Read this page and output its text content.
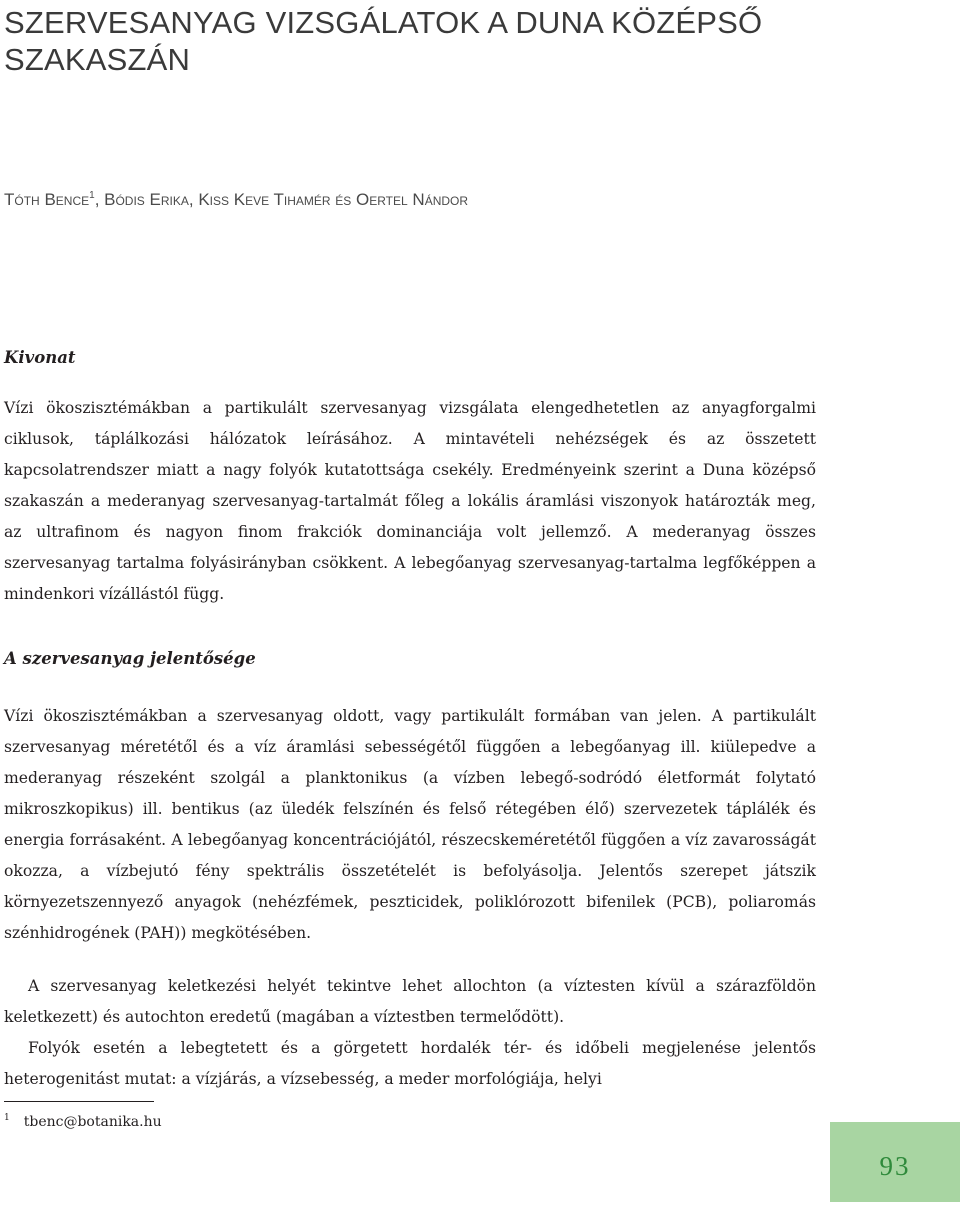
SZERVESANYAG VIZSGÁLATOK A DUNA KÖZÉPSŐ SZAKASZÁN

Tóth Bence$^1$, Bódis Erika, Kiss Keve Tihamér és Oertel Nándor

Kivonat

Vízi ökoszisztémákban a partikulált szervesanyag vizsgálata elengedhetetlen az anyagforgalmi ciklusok, táplálkozási hálózatok leírásához. A mintavételi nehézségek és az összetett kapcsolatrendszer miatt a nagy folyók kutatottsága csekély. Eredményeink szerint a Duna középső szakaszán a mederanyag szervesanyag-tartalmát főleg a lokális áramlási viszonyok határozták meg, az ultrafinom és nagyon finom frakciók dominanciája volt jellemző. A mederanyag összes szervesanyag tartalma folyásirányban csökkent. A lebegőanyag szervesanyag-tartalma legfőképpen a mindenkori vízállástól függ.

A szervesanyag jelentősége

Vízi ökoszisztémákban a szervesanyag oldott, vagy partikulált formában van jelen. A partikulált szervesanyag méretétől és a víz áramlási sebességétől függően a lebegőanyag ill. kiülepedve a mederanyag részeként szolgál a planktonikus (a vízben lebegő-sodródó életformát folytató mikroszkopikus) ill. bentikus (az üledék felszínén és felső rétegében élő) szervezetek táplálék és energia forrásaként. A lebegőanyag koncentrációjától, részecskeméretétől függően a víz zavarosságát okozza, a vízbejutó fény spektrális összetételét is befolyásolja. Jelentős szerepet játszik környezetszennyező anyagok (nehézfémek, peszticidek, poliklórozott bifenilek (PCB), poliaromás szénhidrogének (PAH)) megkötésében.

A szervesanyag keletkezési helyét tekintve lehet allochton (a víztesten kívül a szárazföldön keletkezett) és autochton eredetű (magában a víztestben termelődött).

Folyók esetén a lebegtetett és a görgetett hordalék tér- és időbeli megjelenése jelentős heterogenitást mutat: a vízjárás, a vízsebesség, a meder morfológiája, helyi

$^1$ tbenc@botanika.hu

93
